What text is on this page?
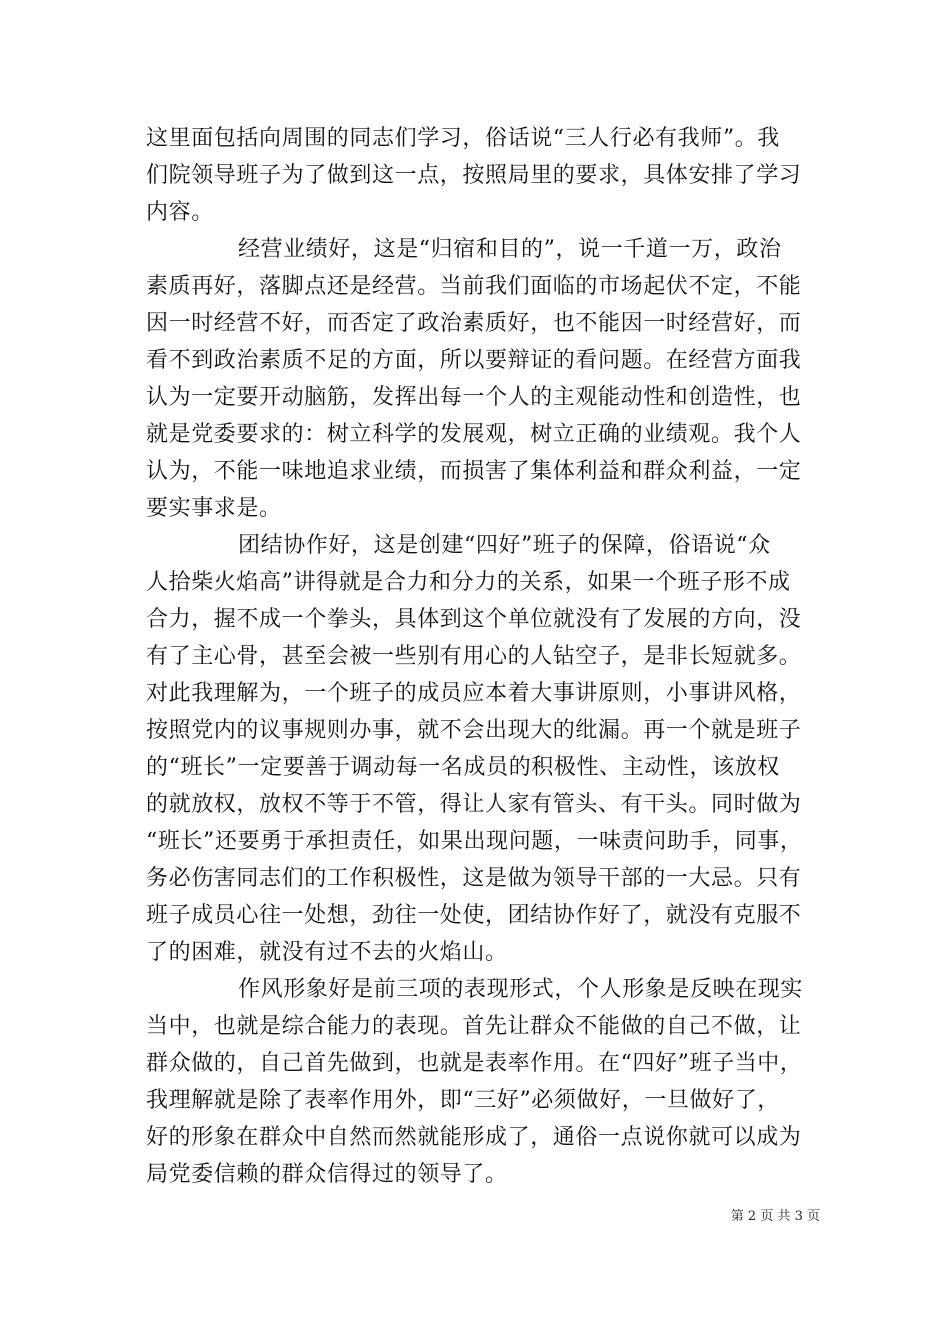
这里面包括向周围的同志们学习，俗话说“三人行必有我师”。我
们院领导班子为了做到这一点，按照局里的要求，具体安排了学习
内容。
经营业绩好，这是“归宿和目的”，说一千道一万，政治
素质再好，落脚点还是经营。当前我们面临的市场起伏不定，不能
因一时经营不好，而否定了政治素质好，也不能因一时经营好，而
看不到政治素质不足的方面，所以要辩证的看问题。在经营方面我
认为一定要开动脑筋，发挥出每一个人的主观能动性和创造性，也
就是党委要求的：树立科学的发展观，树立正确的业绩观。我个人
认为，不能一味地追求业绩，而损害了集体利益和群众利益，一定
要实事求是。
团结协作好，这是创建“四好”班子的保障，俗语说“众
人拾柴火焰高”讲得就是合力和分力的关系，如果一个班子形不成
合力，握不成一个拳头，具体到这个单位就没有了发展的方向，没
有了主心骨，甚至会被一些别有用心的人钻空子，是非长短就多。
对此我理解为，一个班子的成员应本着大事讲原则，小事讲风格，
按照党内的议事规则办事，就不会出现大的纰漏。再一个就是班子
的“班长”一定要善于调动每一名成员的积极性、主动性，该放权
的就放权，放权不等于不管，得让人家有管头、有干头。同时做为
“班长”还要勇于承担责任，如果出现问题，一味责问助手，同事，
务必伤害同志们的工作积极性，这是做为领导干部的一大忌。只有
班子成员心往一处想，劲往一处使，团结协作好了，就没有克服不
了的困难，就没有过不去的火焰山。
作风形象好是前三项的表现形式，个人形象是反映在现实
当中，也就是综合能力的表现。首先让群众不能做的自己不做，让
群众做的，自己首先做到，也就是表率作用。在“四好”班子当中，
我理解就是除了表率作用外，即“三好”必须做好，一旦做好了，
好的形象在群众中自然而然就能形成了，通俗一点说你就可以成为
局党委信赖的群众信得过的领导了。
第 2 页 共 3 页
